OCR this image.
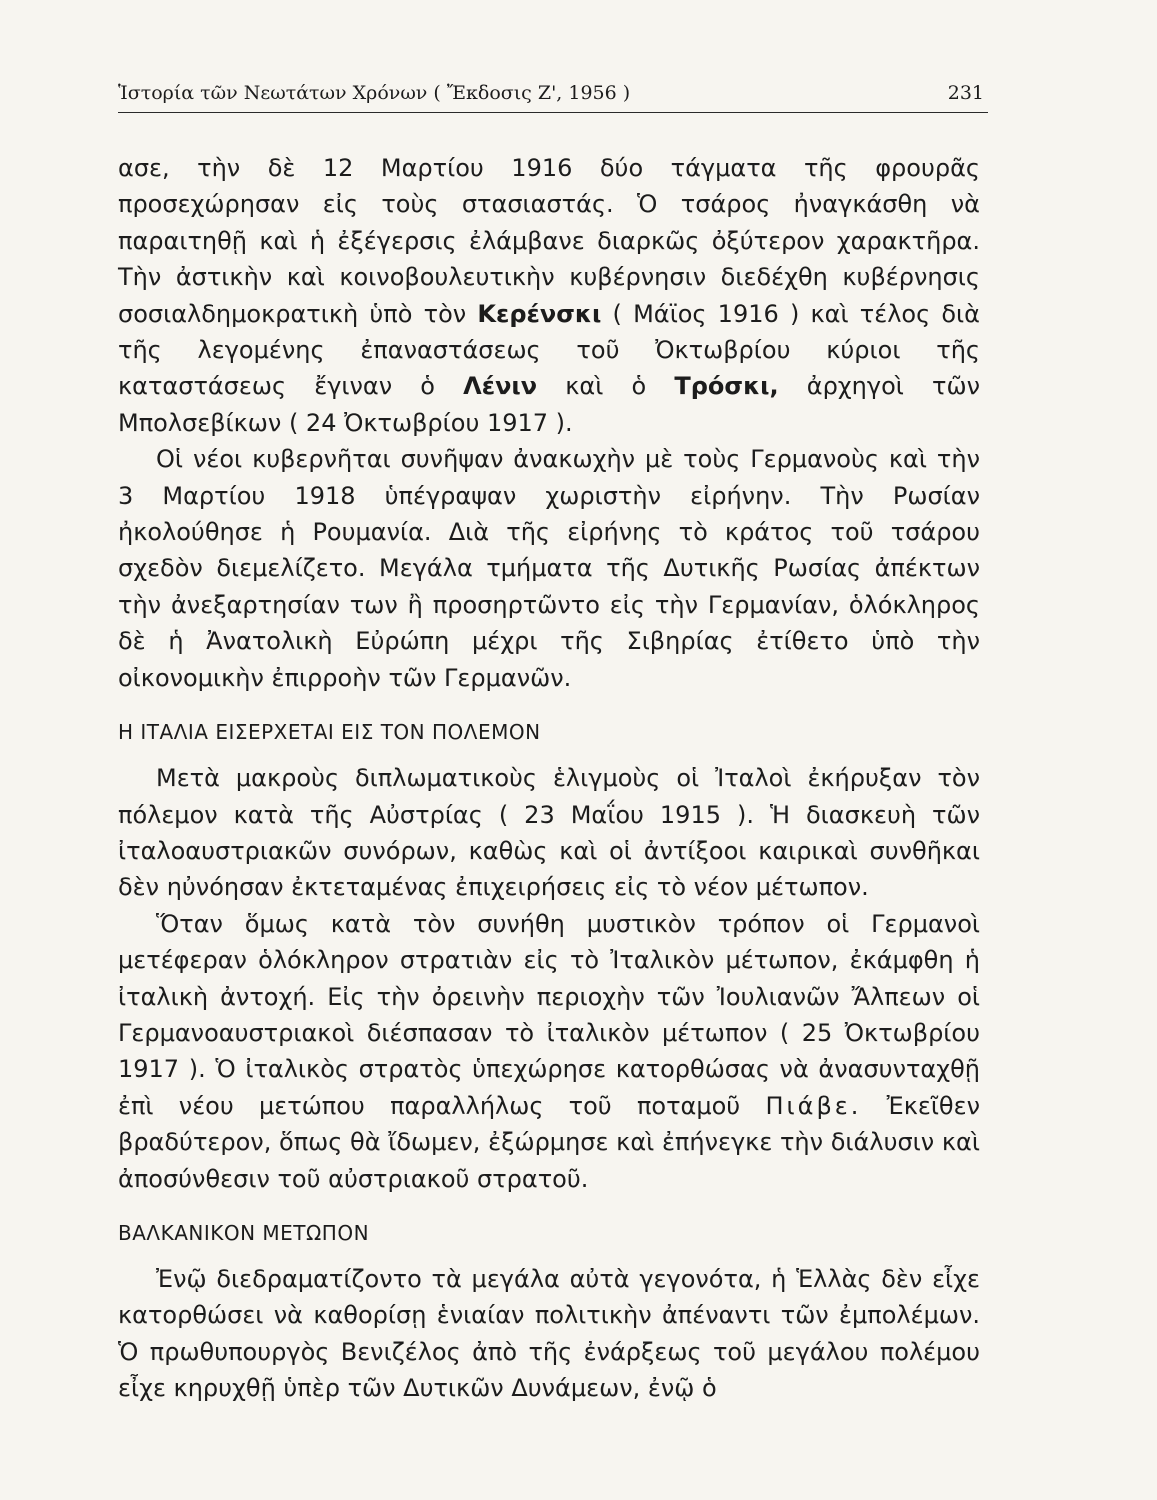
Ἱστορία τῶν Νεωτάτων Χρόνων ( Ἔκδοσις Ζ', 1956 )	231

ασε, τὴν δὲ 12 Μαρτίου 1916 δύο τάγματα τῆς φρουρᾶς προσεχώρησαν εἰς τοὺς στασιαστάς. Ὁ τσάρος ἠναγκάσθη νὰ παραιτηθῇ καὶ ἡ ἐξέγερσις ἐλάμβανε διαρκῶς ὀξύτερον χαρακτῆρα. Τὴν ἀστικὴν καὶ κοινοβουλευτικὴν κυβέρνησιν διεδέχθη κυβέρνησις σοσιαλδημοκρατικὴ ὑπὸ τὸν Κερένσκι ( Μάϊος 1916 ) καὶ τέλος διὰ τῆς λεγομένης ἐπαναστάσεως τοῦ Ὀκτωβρίου κύριοι τῆς καταστάσεως ἔγιναν ὁ Λένιν καὶ ὁ Τρόσκι, ἀρχηγοὶ τῶν Μπολσεβίκων ( 24 Ὀκτωβρίου 1917 ).

Οἱ νέοι κυβερνῆται συνῆψαν ἀνακωχὴν μὲ τοὺς Γερμανοὺς καὶ τὴν 3 Μαρτίου 1918 ὑπέγραψαν χωριστὴν εἰρήνην. Τὴν Ρωσίαν ἠκολούθησε ἡ Ρουμανία. Διὰ τῆς εἰρήνης τὸ κράτος τοῦ τσάρου σχεδὸν διεμελίζετο. Μεγάλα τμήματα τῆς Δυτικῆς Ρωσίας ἀπέκτων τὴν ἀνεξαρτησίαν των ἢ προσηρτῶντο εἰς τὴν Γερμανίαν, ὁλόκληρος δὲ ἡ Ἀνατολικὴ Εὐρώπη μέχρι τῆς Σιβηρίας ἐτίθετο ὑπὸ τὴν οἰκονομικὴν ἐπιρροὴν τῶν Γερμανῶν.

Η ΙΤΑΛΙΑ ΕΙΣΕΡΧΕΤΑΙ ΕΙΣ ΤΟΝ ΠΟΛΕΜΟΝ

Μετὰ μακροὺς διπλωματικοὺς ἑλιγμοὺς οἱ Ἰταλοὶ ἐκήρυξαν τὸν πόλεμον κατὰ τῆς Αὐστρίας ( 23 Μαΐου 1915 ). Ἡ διασκευὴ τῶν ἰταλοαυστριακῶν συνόρων, καθὼς καὶ οἱ ἀντίξοοι καιρικαὶ συνθῆκαι δὲν ηὐνόησαν ἐκτεταμένας ἐπιχειρήσεις εἰς τὸ νέον μέτωπον.

Ὅταν ὅμως κατὰ τὸν συνήθη μυστικὸν τρόπον οἱ Γερμανοὶ μετέφεραν ὁλόκληρον στρατιὰν εἰς τὸ Ἰταλικὸν μέτωπον, ἐκάμφθη ἡ ἰταλικὴ ἀντοχή. Εἰς τὴν ὀρεινὴν περιοχὴν τῶν Ἰουλιανῶν Ἄλπεων οἱ Γερμανοαυστριακοὶ διέσπασαν τὸ ἰταλικὸν μέτωπον ( 25 Ὀκτωβρίου 1917 ). Ὁ ἰταλικὸς στρατὸς ὑπεχώρησε κατορθώσας νὰ ἀνασυνταχθῇ ἐπὶ νέου μετώπου παραλλήλως τοῦ ποταμοῦ Πιάβε. Ἐκεῖθεν βραδύτερον, ὅπως θὰ ἴδωμεν, ἐξώρμησε καὶ ἐπήνεγκε τὴν διάλυσιν καὶ ἀποσύνθεσιν τοῦ αὐστριακοῦ στρατοῦ.

ΒΑΛΚΑΝΙΚΟΝ ΜΕΤΩΠΟΝ

Ἐνῷ διεδραματίζοντο τὰ μεγάλα αὐτὰ γεγονότα, ἡ Ἑλλὰς δὲν εἶχε κατορθώσει νὰ καθορίσῃ ἑνιαίαν πολιτικὴν ἀπέναντι τῶν ἐμπολέμων. Ὁ πρωθυπουργὸς Βενιζέλος ἀπὸ τῆς ἐνάρξεως τοῦ μεγάλου πολέμου εἶχε κηρυχθῇ ὑπὲρ τῶν Δυτικῶν Δυνάμεων, ἐνῷ ὁ
